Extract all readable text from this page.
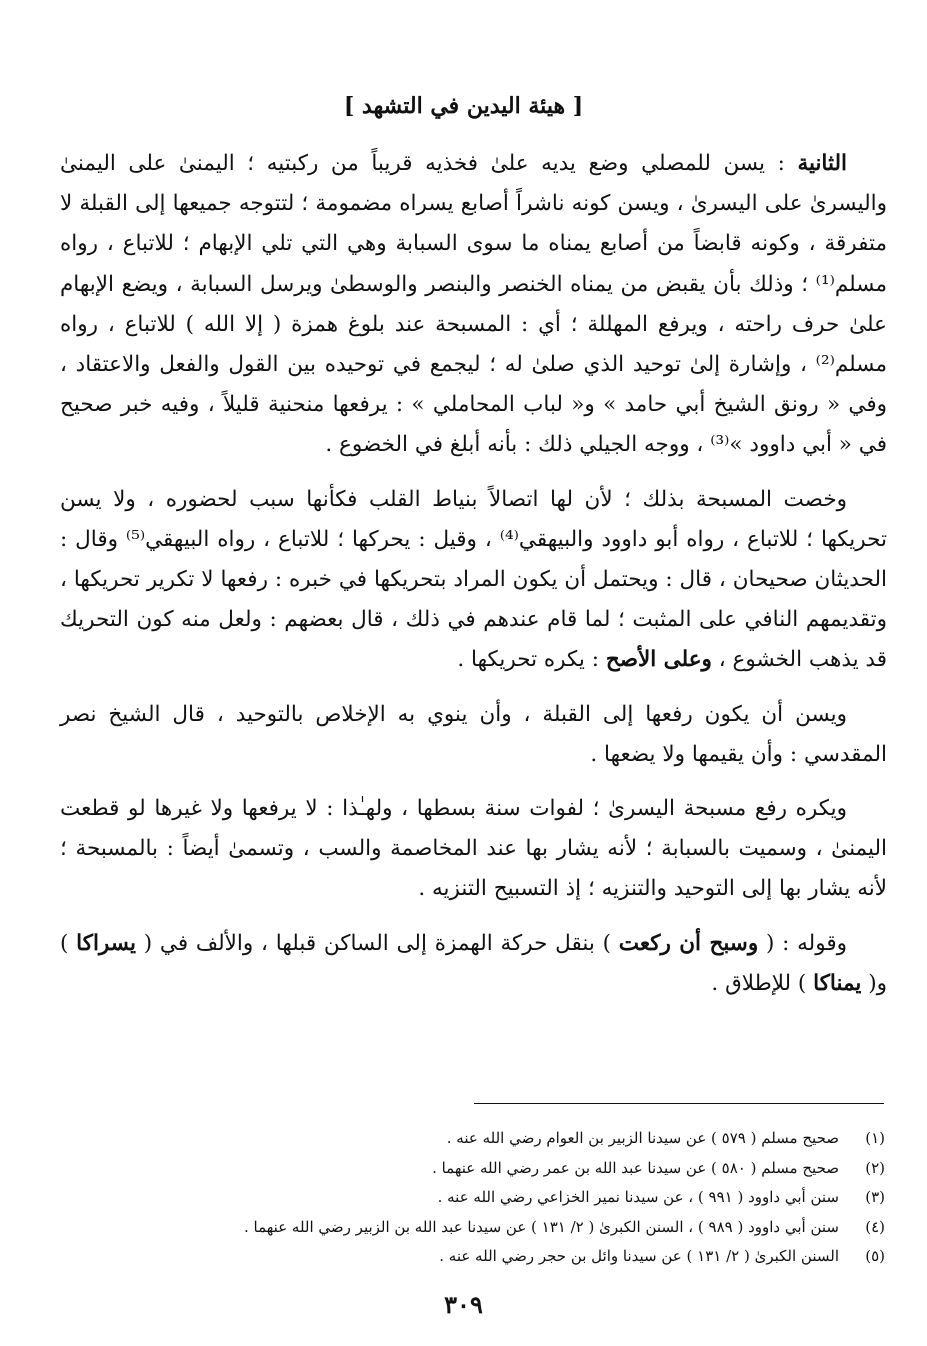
[ هيئة اليدين في التشهد ]

الثانية : يسن للمصلي وضع يديه علىٰ فخذيه قريباً من ركبتيه ؛ اليمنىٰ على اليمنىٰ واليسرىٰ على اليسرىٰ ، ويسن كونه ناشراً أصابع يسراه مضمومة ؛ لتتوجه جميعها إلى القبلة لا متفرقة ، وكونه قابضاً من أصابع يمناه ما سوى السبابة وهي التي تلي الإبهام ؛ للاتباع ، رواه مسلم⁽¹⁾ ؛ وذلك بأن يقبض من يمناه الخنصر والبنصر والوسطىٰ ويرسل السبابة ، ويضع الإبهام علىٰ حرف راحته ، ويرفع المهللة ؛ أي : المسبحة عند بلوغ همزة ( إلا الله ) للاتباع ، رواه مسلم⁽²⁾ ، وإشارة إلىٰ توحيد الذي صلىٰ له ؛ ليجمع في توحيده بين القول والفعل والاعتقاد ، وفي « رونق الشيخ أبي حامد » و« لباب المحاملي » : يرفعها منحنية قليلاً ، وفيه خبر صحيح في « أبي داوود »⁽³⁾ ، ووجه الجيلي ذلك : بأنه أبلغ في الخضوع .

وخصت المسبحة بذلك ؛ لأن لها اتصالاً بنياط القلب فكأنها سبب لحضوره ، ولا يسن تحريكها ؛ للاتباع ، رواه أبو داوود والبيهقي⁽⁴⁾ ، وقيل : يحركها ؛ للاتباع ، رواه البيهقي⁽⁵⁾ وقال : الحديثان صحيحان ، قال : ويحتمل أن يكون المراد بتحريكها في خبره : رفعها لا تكرير تحريكها ، وتقديمهم النافي على المثبت ؛ لما قام عندهم في ذلك ، قال بعضهم : ولعل منه كون التحريك قد يذهب الخشوع ، وعلى الأصح : يكره تحريكها .

ويسن أن يكون رفعها إلى القبلة ، وأن ينوي به الإخلاص بالتوحيد ، قال الشيخ نصر المقدسي : وأن يقيمها ولا يضعها .

ويكره رفع مسبحة اليسرىٰ ؛ لفوات سنة بسطها ، ولهـٰذا : لا يرفعها ولا غيرها لو قطعت اليمنىٰ ، وسميت بالسبابة ؛ لأنه يشار بها عند المخاصمة والسب ، وتسمىٰ أيضاً : بالمسبحة ؛ لأنه يشار بها إلى التوحيد والتنزيه ؛ إذ التسبيح التنزيه .

وقوله : ( وسبح أن ركعت ) بنقل حركة الهمزة إلى الساكن قبلها ، والألف في ( يسراكا ) و( يمناكا ) للإطلاق .

(١)
صحيح مسلم ( ٥٧٩ ) عن سيدنا الزبير بن العوام رضي الله عنه .
(٢)
صحيح مسلم ( ٥٨٠ ) عن سيدنا عبد الله بن عمر رضي الله عنهما .
(٣)
سنن أبي داوود ( ٩٩١ ) ، عن سيدنا نمير الخزاعي رضي الله عنه .
(٤)
سنن أبي داوود ( ٩٨٩ ) ، السنن الكبرىٰ ( ٢/ ١٣١ ) عن سيدنا عبد الله بن الزبير رضي الله عنهما .
(٥)
السنن الكبرىٰ ( ٢/ ١٣١ ) عن سيدنا وائل بن حجر رضي الله عنه .
٣٠٩
